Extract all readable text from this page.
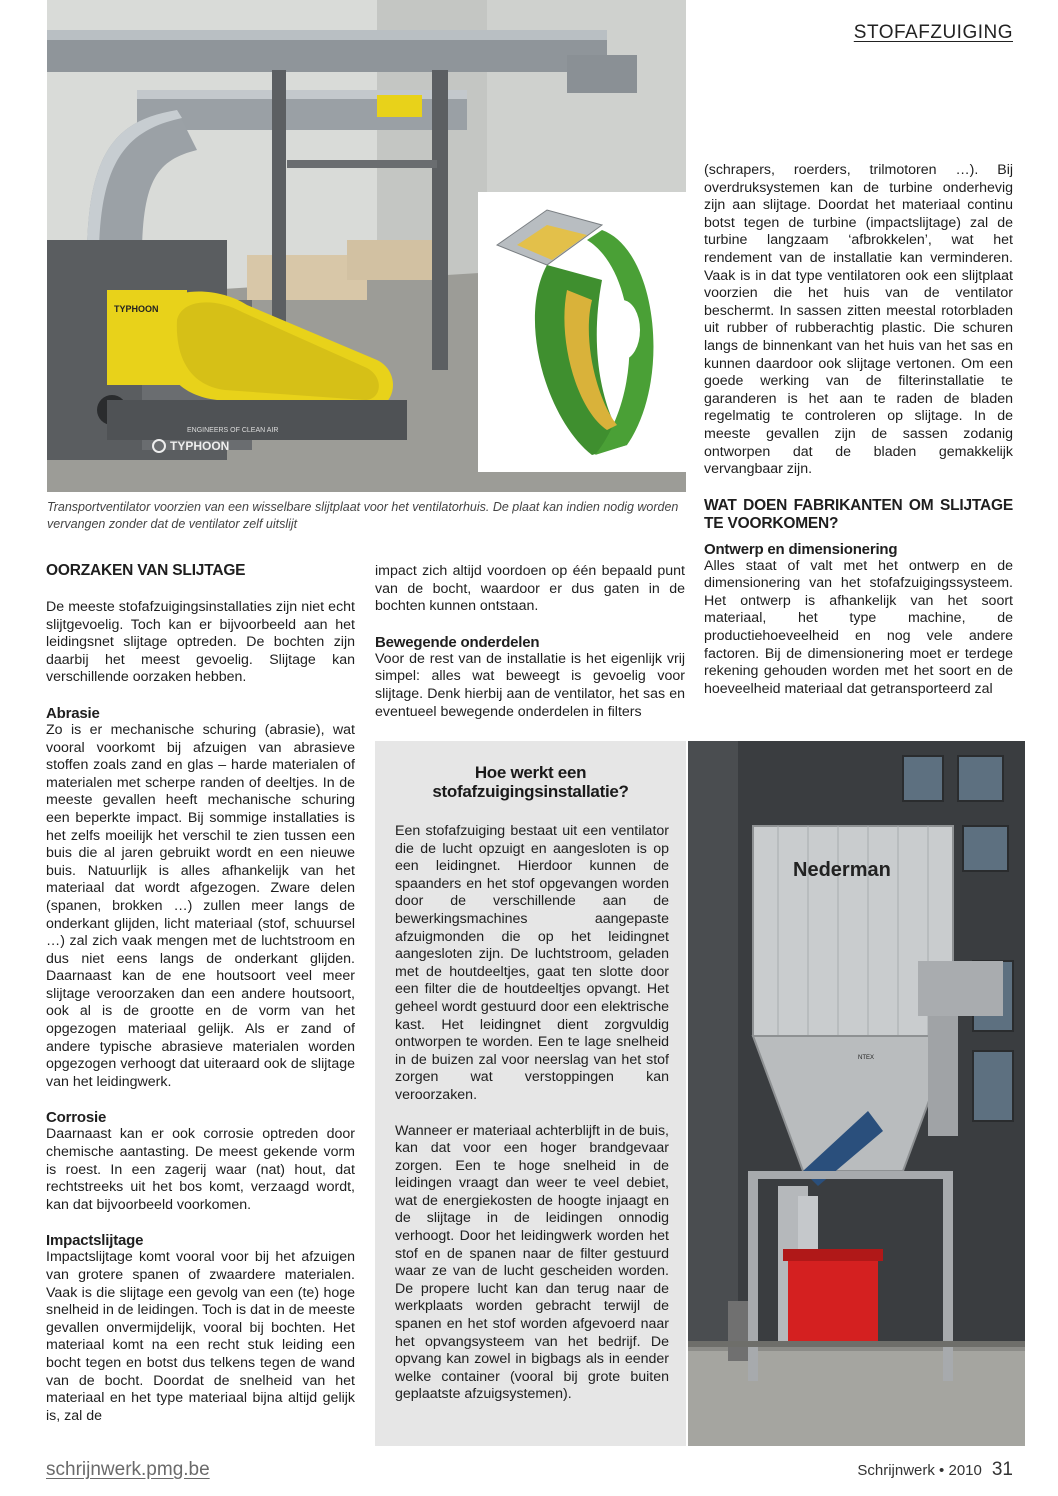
STOFAFZUIGING
TYPHOON
ENGINEERS OF CLEAN AIR
TYPHOON
Transportventilator voorzien van een wisselbare slijtplaat voor het ventilatorhuis. De plaat kan indien nodig worden vervangen zonder dat de ventilator zelf uitslijt
OORZAKEN VAN SLIJTAGE

De meeste stofafzuigingsinstallaties zijn niet echt slijtgevoelig. Toch kan er bijvoorbeeld aan het leidingsnet slijtage optreden. De bochten zijn daarbij het meest gevoelig. Slijtage kan verschillende oorzaken hebben.

Abrasie

Zo is er mechanische schuring (abrasie), wat vooral voorkomt bij afzuigen van abrasieve stoffen zoals zand en glas – harde materialen of materialen met scherpe randen of deeltjes. In de meeste gevallen heeft mechanische schuring een beperkte impact. Bij sommige installaties is het zelfs moeilijk het verschil te zien tussen een buis die al jaren gebruikt wordt en een nieuwe buis. Natuurlijk is alles afhankelijk van het materiaal dat wordt afgezogen. Zware delen (spanen, brokken …) zullen meer langs de onderkant glijden, licht materiaal (stof, schuursel …) zal zich vaak mengen met de luchtstroom en dus niet eens langs de onderkant glijden. Daarnaast kan de ene houtsoort veel meer slijtage veroorzaken dan een andere houtsoort, ook al is de grootte en de vorm van het opgezogen materiaal gelijk. Als er zand of andere typische abrasieve materialen worden opgezogen verhoogt dat uiteraard ook de slijtage van het leidingwerk.

Corrosie

Daarnaast kan er ook corrosie optreden door chemische aantasting. De meest gekende vorm is roest. In een zagerij waar (nat) hout, dat rechtstreeks uit het bos komt, verzaagd wordt, kan dat bijvoorbeeld voorkomen.

Impactslijtage

Impactslijtage komt vooral voor bij het afzuigen van grotere spanen of zwaardere materialen. Vaak is die slijtage een gevolg van een (te) hoge snelheid in de leidingen. Toch is dat in de meeste gevallen onvermijdelijk, vooral bij bochten. Het materiaal komt na een recht stuk leiding een bocht tegen en botst dus telkens tegen de wand van de bocht. Doordat de snelheid van het materiaal en het type materiaal bijna altijd gelijk is, zal de

impact zich altijd voordoen op één bepaald punt van de bocht, waardoor er dus gaten in de bochten kunnen ontstaan.

Bewegende onderdelen

Voor de rest van de installatie is het eigenlijk vrij simpel: alles wat beweegt is gevoelig voor slijtage. Denk hierbij aan de ventilator, het sas en eventueel bewegende onderdelen in filters

(schrapers, roerders, trilmotoren …). Bij overdruksystemen kan de turbine onderhevig zijn aan slijtage. Doordat het materiaal continu botst tegen de turbine (impactslijtage) zal de turbine langzaam ‘afbrokkelen’, wat het rendement van de installatie kan verminderen. Vaak is in dat type ventilatoren ook een slijtplaat voorzien die het huis van de ventilator beschermt. In sassen zitten meestal rotorbladen uit rubber of rubberachtig plastic. Die schuren langs de binnenkant van het huis van het sas en kunnen daardoor ook slijtage vertonen. Om een goede werking van de filterinstallatie te garanderen is het aan te raden de bladen regelmatig te controleren op slijtage. In de meeste gevallen zijn de sassen zodanig ontworpen dat de bladen gemakkelijk vervangbaar zijn.

WAT DOEN FABRIKANTEN OM SLIJTAGE TE VOORKOMEN?
Ontwerp en dimensionering

Alles staat of valt met het ontwerp en de dimensionering van het stofafzuigingssysteem. Het ontwerp is afhankelijk van het soort materiaal, het type machine, de productiehoeveelheid en nog vele andere factoren. Bij de dimensionering moet er terdege rekening gehouden worden met het soort en de hoeveelheid materiaal dat getransporteerd zal

Hoe werkt een stofafzuigingsinstallatie?

Een stofafzuiging bestaat uit een ventilator die de lucht opzuigt en aangesloten is op een leidingnet. Hierdoor kunnen de spaanders en het stof opgevangen worden door de verschillende aan de bewerkingsmachines aangepaste afzuigmonden die op het leidingnet aangesloten zijn. De luchtstroom, geladen met de houtdeeltjes, gaat ten slotte door een filter die de houtdeeltjes opvangt. Het geheel wordt gestuurd door een elektrische kast. Het leidingnet dient zorgvuldig ontworpen te worden. Een te lage snelheid in de buizen zal voor neerslag van het stof zorgen wat verstoppingen kan veroorzaken.

Wanneer er materiaal achterblijft in de buis, kan dat voor een hoger brandgevaar zorgen. Een te hoge snelheid in de leidingen vraagt dan weer te veel debiet, wat de energiekosten de hoogte injaagt en de slijtage in de leidingen onnodig verhoogt. Door het leidingwerk worden het stof en de spanen naar de filter gestuurd waar ze van de lucht gescheiden worden. De propere lucht kan dan terug naar de werkplaats worden gebracht terwijl de spanen en het stof worden afgevoerd naar het opvangsysteem van het bedrijf. De opvang kan zowel in bigbags als in eender welke container (vooral bij grote buiten geplaatste afzuigsystemen).

Nederman
NTEX
schrijnwerk.pmg.be	Schrijnwerk • 2010 31
